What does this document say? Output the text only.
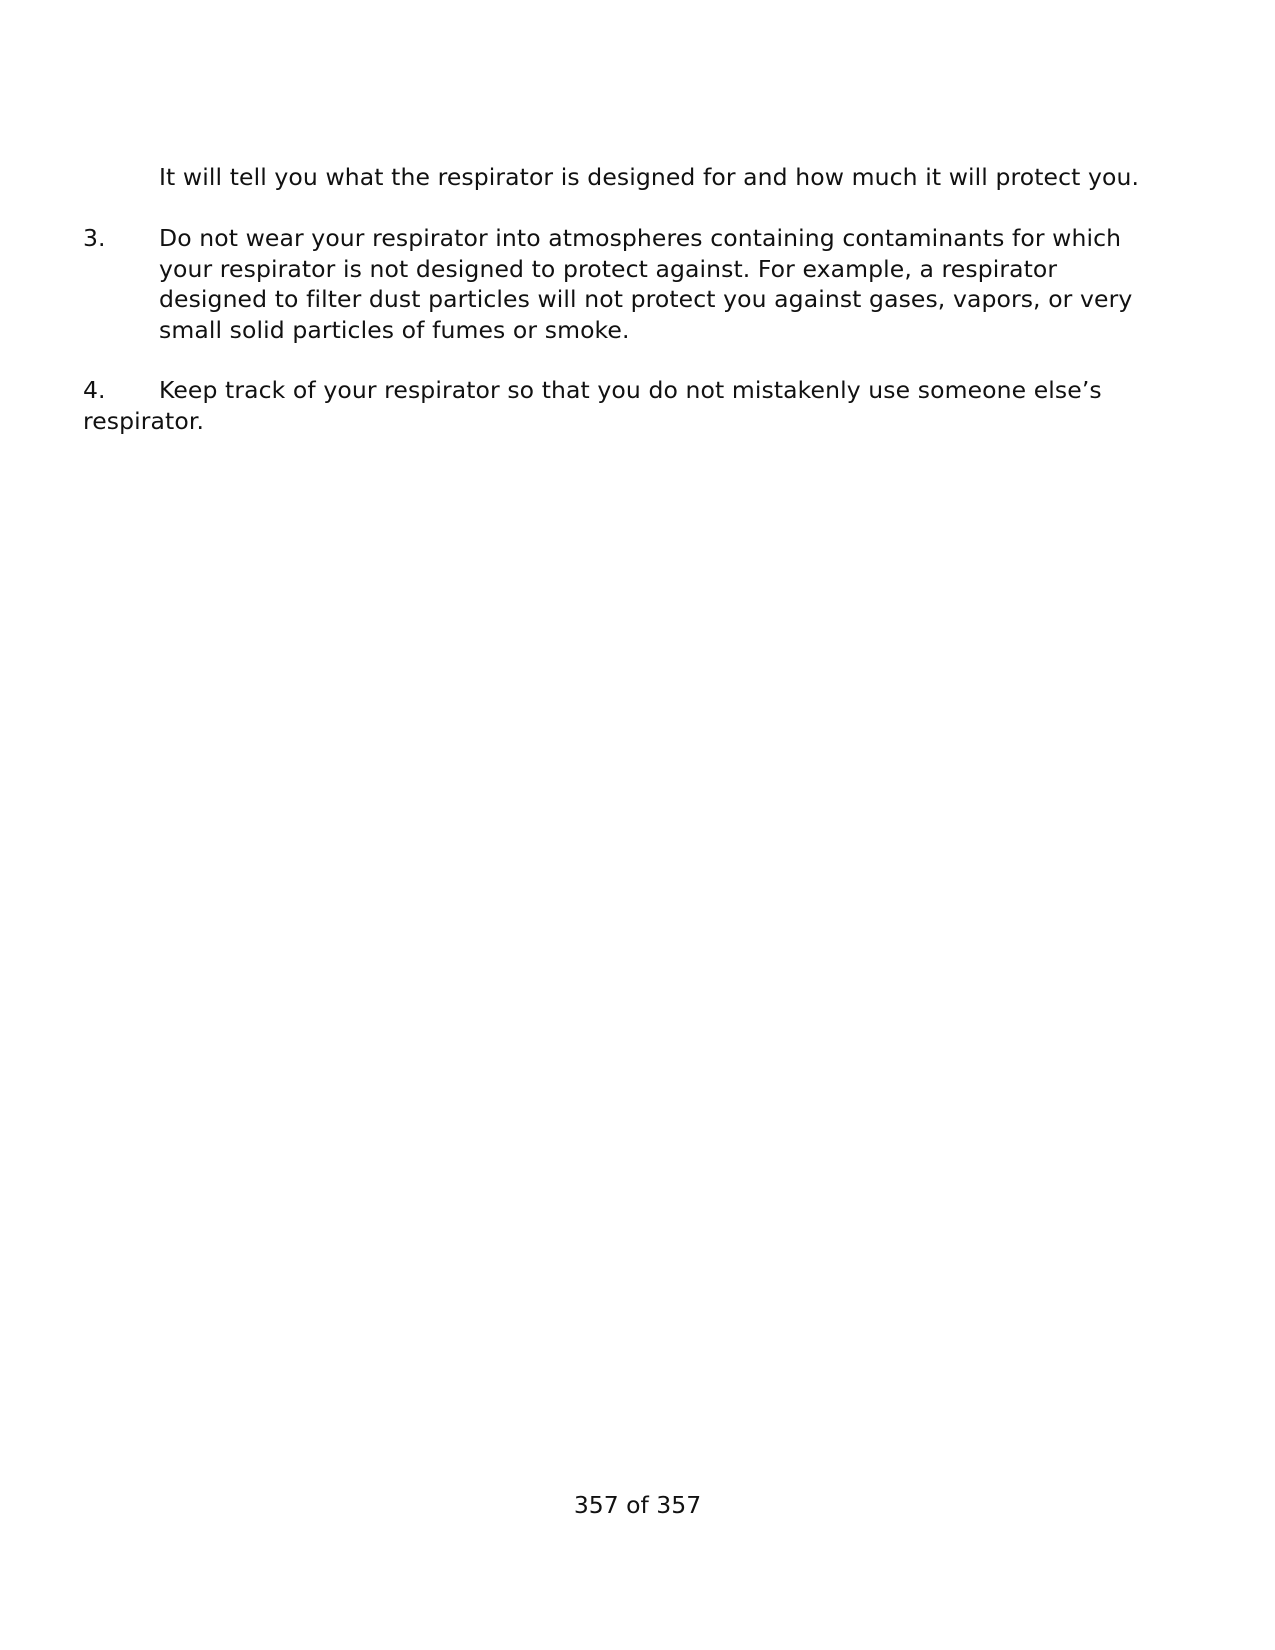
It will tell you what the respirator is designed for and how much it will protect you.
3. Do not wear your respirator into atmospheres containing contaminants for which
your respirator is not designed to protect against. For example, a respirator
designed to filter dust particles will not protect you against gases, vapors, or very
small solid particles of fumes or smoke.
4. Keep track of your respirator so that you do not mistakenly use someone else’s
respirator.
357 of 357
